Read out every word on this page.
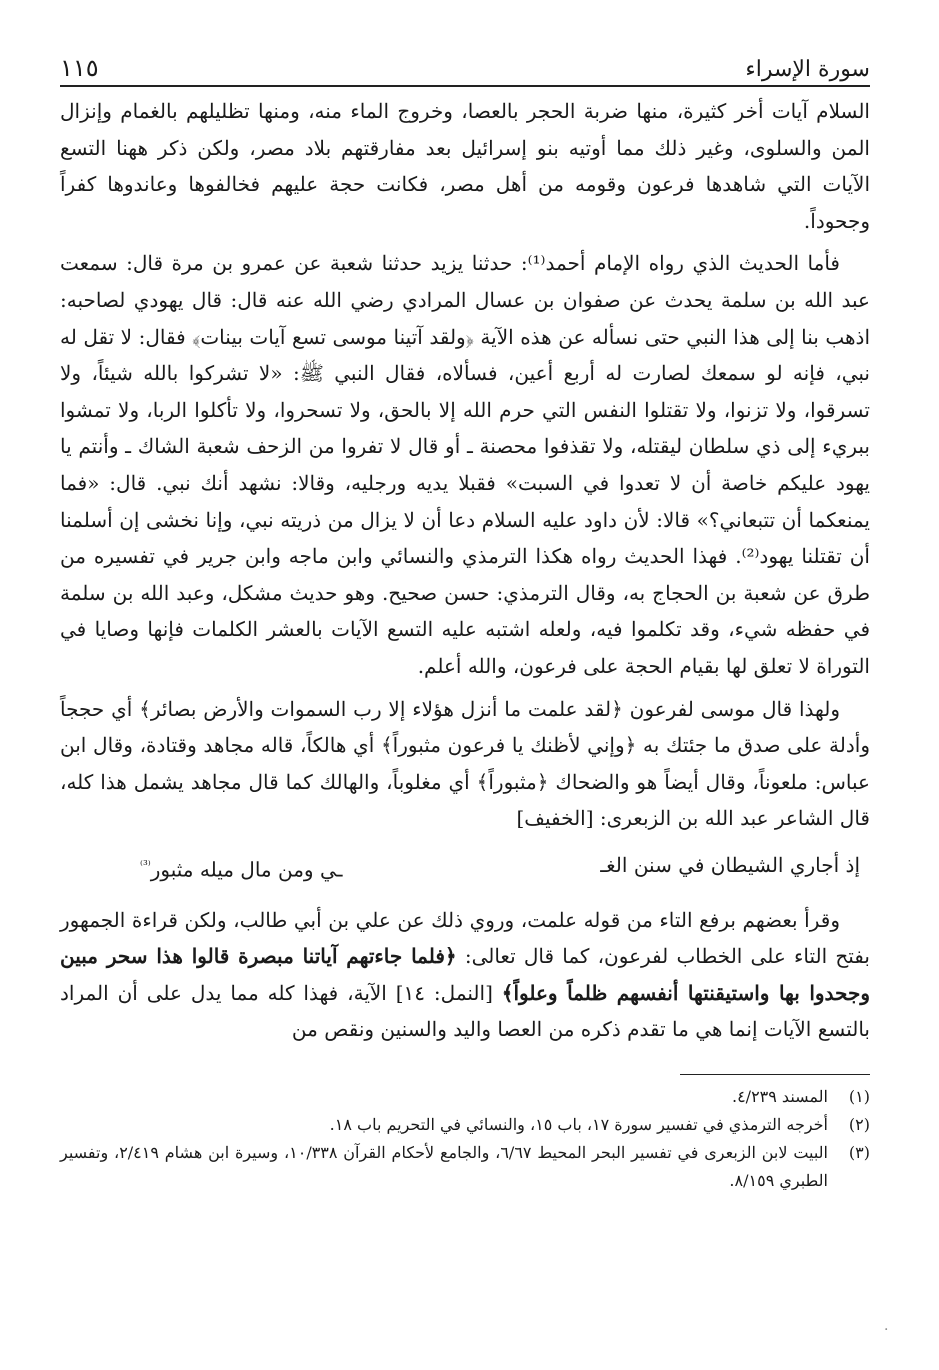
سورة الإسراء
١١٥

السلام آيات أخر كثيرة، منها ضربة الحجر بالعصا، وخروج الماء منه، ومنها تظليلهم بالغمام وإنزال المن والسلوى، وغير ذلك مما أوتيه بنو إسرائيل بعد مفارقتهم بلاد مصر، ولكن ذكر ههنا التسع الآيات التي شاهدها فرعون وقومه من أهل مصر، فكانت حجة عليهم فخالفوها وعاندوها كفراً وجحوداً.

فأما الحديث الذي رواه الإمام أحمد⁽¹⁾: حدثنا يزيد حدثنا شعبة عن عمرو بن مرة قال: سمعت عبد الله بن سلمة يحدث عن صفوان بن عسال المرادي رضي الله عنه قال: قال يهودي لصاحبه: اذهب بنا إلى هذا النبي حتى نسأله عن هذه الآية ﴿ولقد آتينا موسى تسع آيات بينات﴾ فقال: لا تقل له نبي، فإنه لو سمعك لصارت له أربع أعين، فسألاه، فقال النبي ﷺ: «لا تشركوا بالله شيئاً، ولا تسرقوا، ولا تزنوا، ولا تقتلوا النفس التي حرم الله إلا بالحق، ولا تسحروا، ولا تأكلوا الربا، ولا تمشوا ببريء إلى ذي سلطان ليقتله، ولا تقذفوا محصنة ـ أو قال لا تفروا من الزحف شعبة الشاك ـ وأنتم يا يهود عليكم خاصة أن لا تعدوا في السبت» فقبلا يديه ورجليه، وقالا: نشهد أنك نبي. قال: «فما يمنعكما أن تتبعاني؟» قالا: لأن داود عليه السلام دعا أن لا يزال من ذريته نبي، وإنا نخشى إن أسلمنا أن تقتلنا يهود⁽²⁾. فهذا الحديث رواه هكذا الترمذي والنسائي وابن ماجه وابن جرير في تفسيره من طرق عن شعبة بن الحجاج به، وقال الترمذي: حسن صحيح. وهو حديث مشكل، وعبد الله بن سلمة في حفظه شيء، وقد تكلموا فيه، ولعله اشتبه عليه التسع الآيات بالعشر الكلمات فإنها وصايا في التوراة لا تعلق لها بقيام الحجة على فرعون، والله أعلم.

ولهذا قال موسى لفرعون ﴿لقد علمت ما أنزل هؤلاء إلا رب السموات والأرض بصائر﴾ أي حججاً وأدلة على صدق ما جئتك به ﴿وإني لأظنك يا فرعون مثبوراً﴾ أي هالكاً، قاله مجاهد وقتادة، وقال ابن عباس: ملعوناً، وقال أيضاً هو والضحاك ﴿مثبوراً﴾ أي مغلوباً، والهالك كما قال مجاهد يشمل هذا كله، قال الشاعر عبد الله بن الزبعرى: [الخفيف]

إذ أجاري الشيطان في سنن الغـ
ـي ومن مال ميله مثبور$^{^{(3)}}$

وقرأ بعضهم برفع التاء من قوله علمت، وروي ذلك عن علي بن أبي طالب، ولكن قراءة الجمهور بفتح التاء على الخطاب لفرعون، كما قال تعالى: ﴿فلما جاءتهم آياتنا مبصرة قالوا هذا سحر مبين وجحدوا بها واستيقنتها أنفسهم ظلماً وعلواً﴾ [النمل: ١٤] الآية، فهذا كله مما يدل على أن المراد بالتسع الآيات إنما هي ما تقدم ذكره من العصا واليد والسنين ونقص من

(١)
المسند ٤/٢٣٩.
(٢)
أخرجه الترمذي في تفسير سورة ١٧، باب ١٥، والنسائي في التحريم باب ١٨.
(٣)
البيت لابن الزبعرى في تفسير البحر المحيط ٦/٦٧، والجامع لأحكام القرآن ١٠/٣٣٨، وسيرة ابن هشام ٢/٤١٩، وتفسير الطبري ٨/١٥٩.
·
